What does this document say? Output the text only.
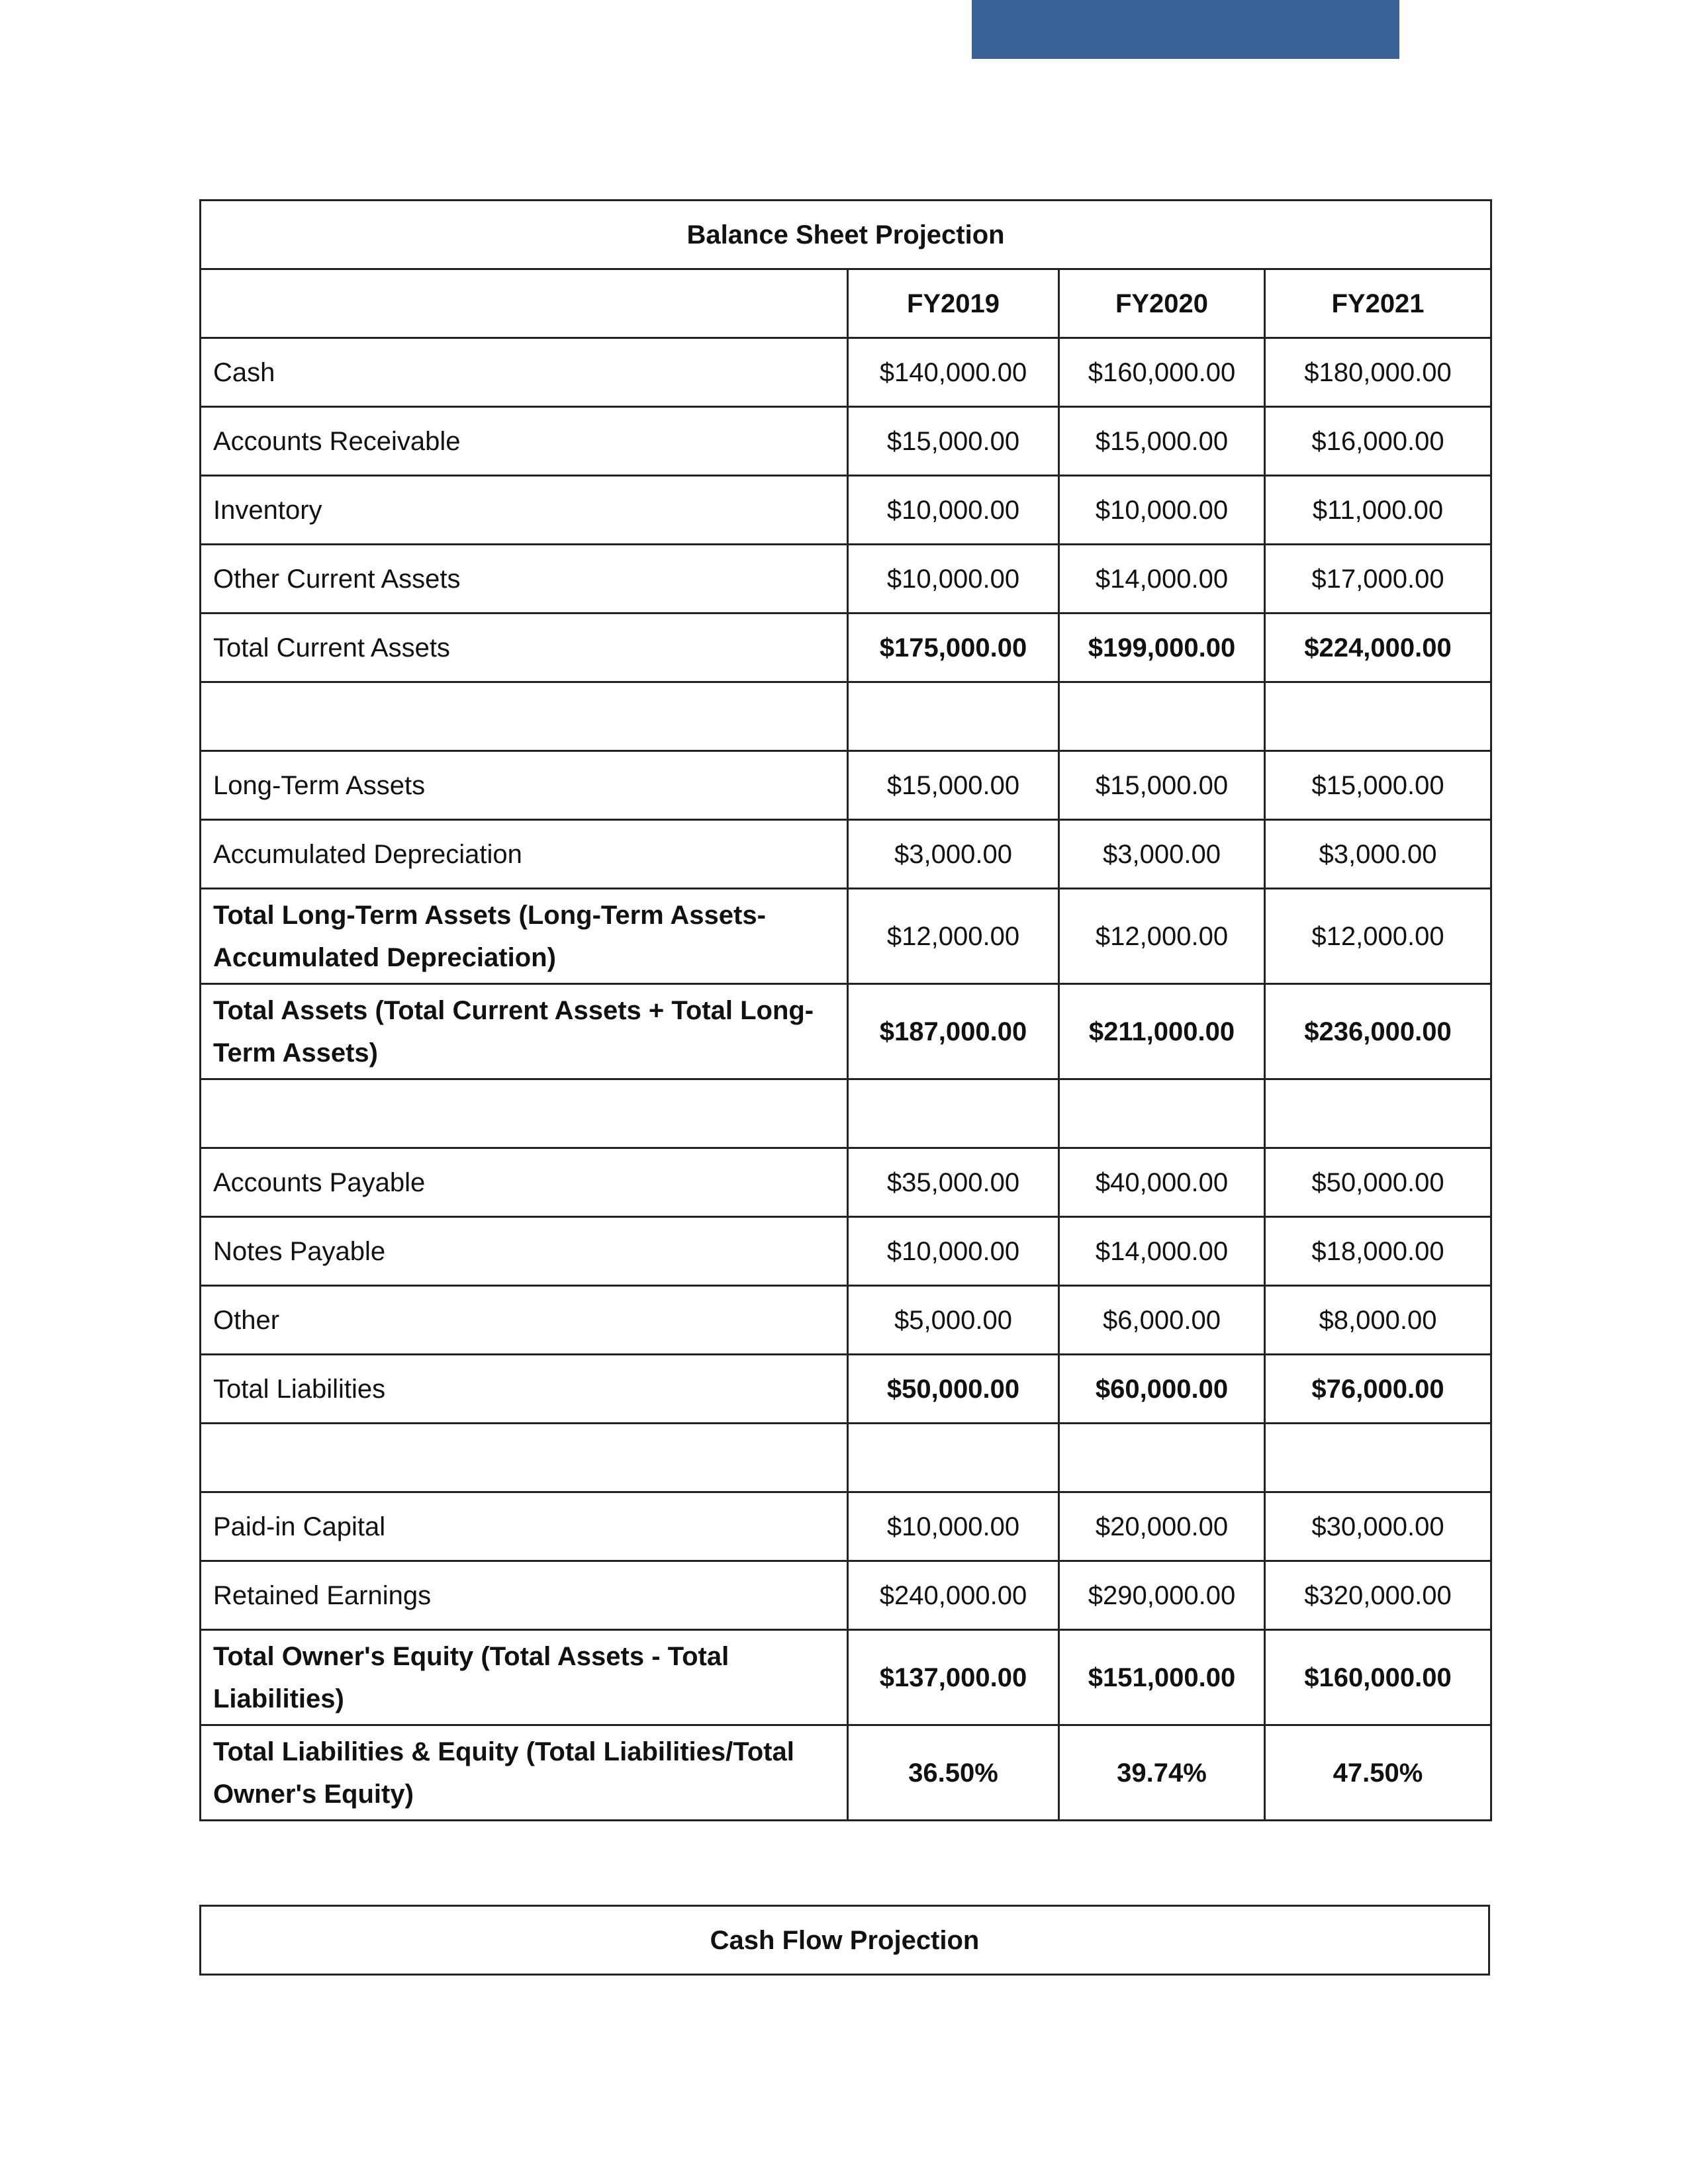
Balance Sheet Projection			
	FY2019	FY2020	FY2021
Cash	$140,000.00	$160,000.00	$180,000.00
Accounts Receivable	$15,000.00	$15,000.00	$16,000.00
Inventory	$10,000.00	$10,000.00	$11,000.00
Other Current Assets	$10,000.00	$14,000.00	$17,000.00
Total Current Assets	$175,000.00	$199,000.00	$224,000.00

Long-Term Assets	$15,000.00	$15,000.00	$15,000.00
Accumulated Depreciation	$3,000.00	$3,000.00	$3,000.00
Total Long-Term Assets (Long-Term Assets-Accumulated Depreciation)	$12,000.00	$12,000.00	$12,000.00
Total Assets (Total Current Assets + Total Long-Term Assets)	$187,000.00	$211,000.00	$236,000.00

Accounts Payable	$35,000.00	$40,000.00	$50,000.00
Notes Payable	$10,000.00	$14,000.00	$18,000.00
Other	$5,000.00	$6,000.00	$8,000.00
Total Liabilities	$50,000.00	$60,000.00	$76,000.00

Paid-in Capital	$10,000.00	$20,000.00	$30,000.00
Retained Earnings	$240,000.00	$290,000.00	$320,000.00
Total Owner's Equity (Total Assets - Total Liabilities)	$137,000.00	$151,000.00	$160,000.00
Total Liabilities & Equity (Total Liabilities/Total Owner's Equity)	36.50%	39.74%	47.50%
Cash Flow Projection
